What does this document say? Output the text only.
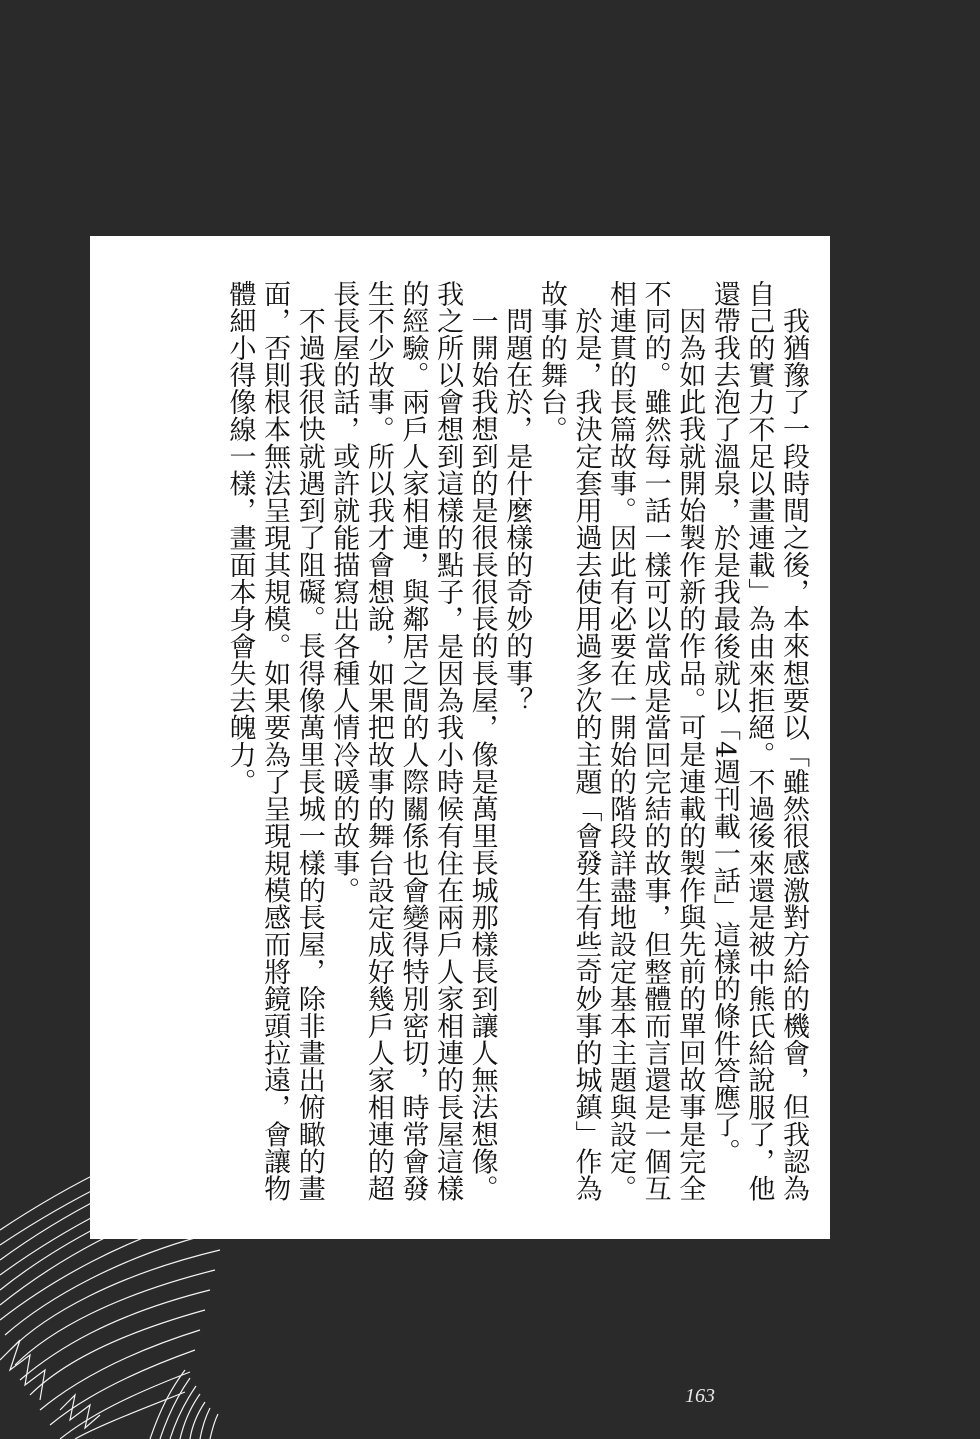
我猶豫了一段時間之後，本來想要以「雖然很感激對方給的機會，但我認為自己的實力不足以畫連載」為由來拒絕。不過後來還是被中熊氏給說服了，他還帶我去泡了溫泉，於是我最後就以「4週刊載一話」這樣的條件答應了。

因為如此我就開始製作新的作品。可是連載的製作與先前的單回故事是完全不同的。雖然每一話一樣可以當成是當回完結的故事，但整體而言還是一個互相連貫的長篇故事。因此有必要在一開始的階段詳盡地設定基本主題與設定。

於是，我決定套用過去使用過多次的主題「會發生有些奇妙事的城鎮」作為故事的舞台。

問題在於，是什麼樣的奇妙的事？

一開始我想到的是很長很長的長屋，像是萬里長城那樣長到讓人無法想像。我之所以會想到這樣的點子，是因為我小時候有住在兩戶人家相連的長屋這樣的經驗。兩戶人家相連，與鄰居之間的人際關係也會變得特別密切，時常會發生不少故事。所以我才會想說，如果把故事的舞台設定成好幾戶人家相連的超長長屋的話，或許就能描寫出各種人情冷暖的故事。

不過我很快就遇到了阻礙。長得像萬里長城一樣的長屋，除非畫出俯瞰的畫面，否則根本無法呈現其規模。如果要為了呈現規模感而將鏡頭拉遠，會讓物體細小得像線一樣，畫面本身會失去魄力。

163
